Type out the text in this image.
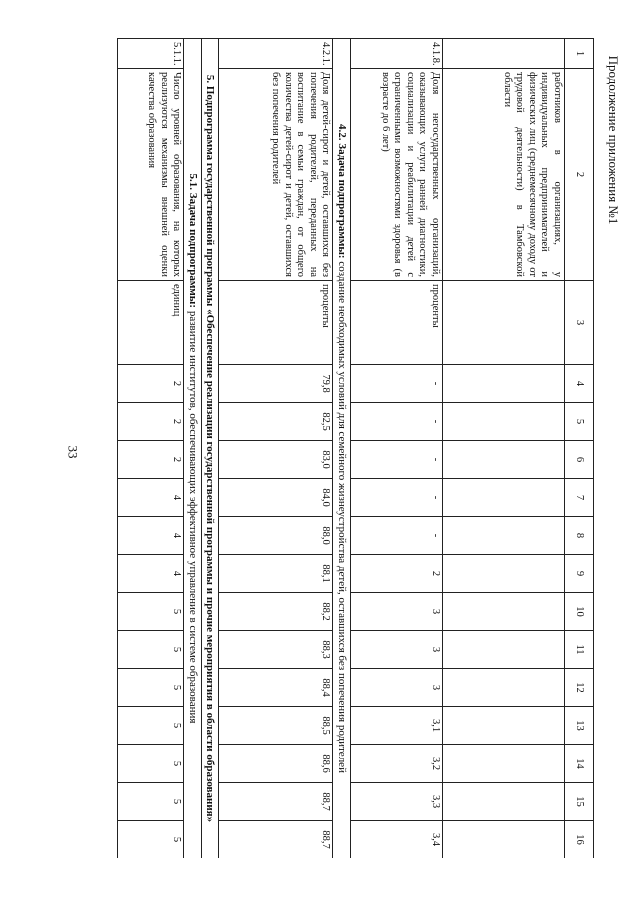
33
Продолжение приложения №1
1	2	3	4	5	6	7	8	9	10	11	12	13	14	15	16
	работников в организациях, у индивидуальных предпринимателей и физических лиц (среднемесячному доходу от трудовой деятельности) в Тамбовской области														
4.1.8.	Доля негосударственных организаций, оказывающих услуги ранней диагностики, социализации и реабилитации детей с ограниченными возможностями здоровья (в возрасте до 6 лет)	проценты	-	-	-	-	-	2	3	3	3	3,1	3,2	3,3	3,4
4.2. Задача подпрограммы: создание необходимых условий для семейного жизнеустройства детей, оставшихся без попечения родителей															
4.2.1.	Доля детей-сирот и детей, оставшихся без попечения родителей, переданных на воспитание в семьи граждан, от общего количества детей-сирот и детей, оставшихся без попечения родителей	проценты	79,8	82,5	83,0	84,0	88,0	88,1	88,2	88,3	88,4	88,5	88,6	88,7	88,7
5. Подпрограмма государственной программы «Обеспечение реализации государственной программы и прочие мероприятия в области образования»															
5.1. Задача подпрограммы: развитие институтов, обеспечивающих эффективное управление в системе образования															
5.1.1.	Число уровней образования, на которых реализуются механизмы внешней оценки качества образования	единиц	2	2	2	4	4	4	5	5	5	5	5	5	5
